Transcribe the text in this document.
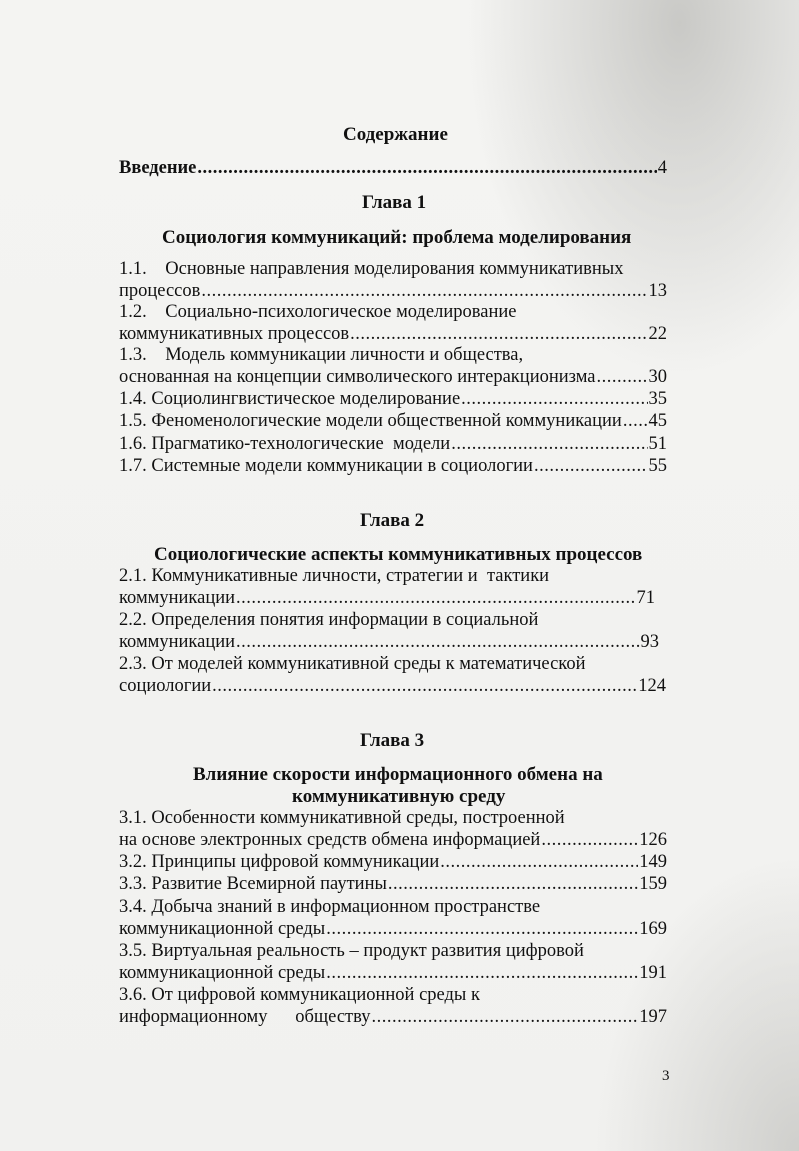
Содержание
Введение .....	4
Глава 1
Социология коммуникаций: проблема моделирования
1.1.    Основные направления моделирования коммуникативных
процессов .....	13
1.2.    Социально-психологическое моделирование
коммуникативных процессов .....	22
1.3.    Модель коммуникации личности и общества,
основанная на концепции символического интеракционизма .....	30
1.4. Социолингвистическое моделирование .....	35
1.5. Феноменологические модели общественной коммуникации ..... 45
1.6. Прагматико-технологические  модели .....	51
1.7. Системные модели коммуникации в социологии .....	55
Глава 2
Социологические аспекты коммуникативных процессов
2.1. Коммуникативные личности, стратегии и  тактики
коммуникации .....	71
2.2. Определения понятия информации в социальной
коммуникации .....	93
2.3. От моделей коммуникативной среды к математической
социологии .....	124
Глава 3
Влияние скорости информационного обмена на
коммуникативную среду
3.1. Особенности коммуникативной среды, построенной
на основе электронных средств обмена информацией .....	126
3.2. Принципы цифровой коммуникации .....	149
3.3. Развитие Всемирной паутины .....	159
3.4. Добыча знаний в информационном пространстве
коммуникационной среды .....	169
3.5. Виртуальная реальность – продукт развития цифровой
коммуникационной среды .....	191
3.6. От цифровой коммуникационной среды к
информационному      обществу .....	197
3
